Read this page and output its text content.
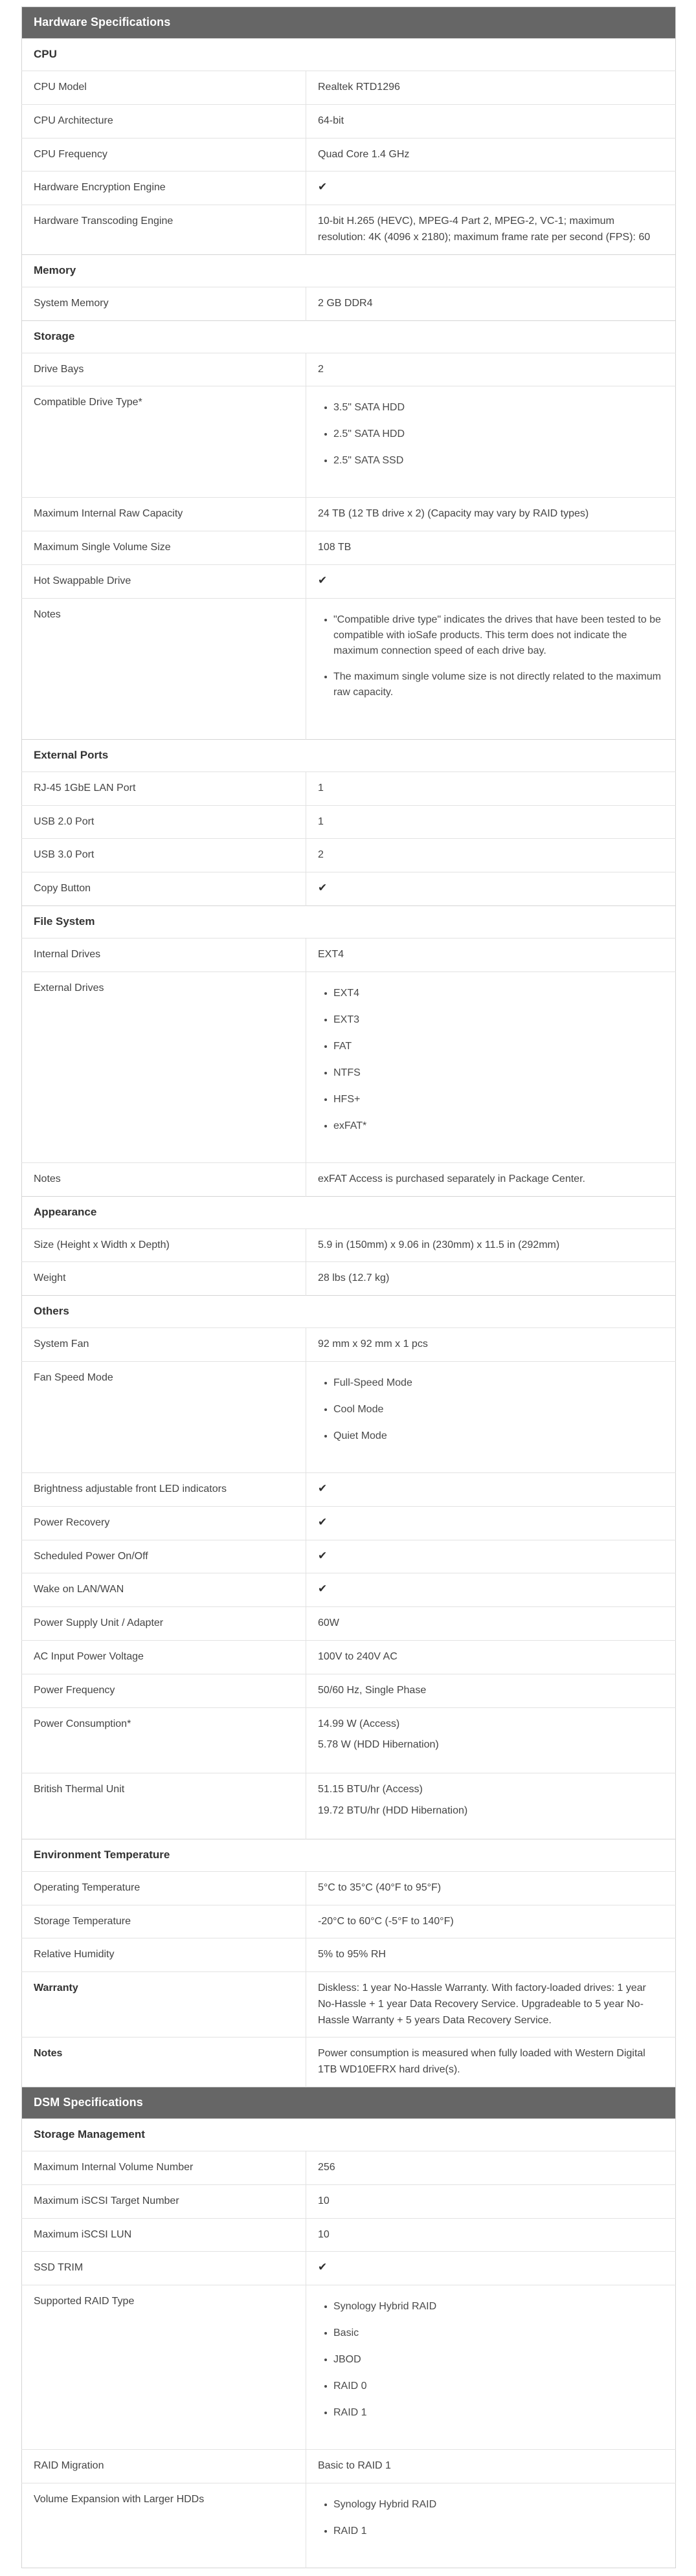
Hardware Specifications	
CPU	
CPU Model	Realtek RTD1296
CPU Architecture	64-bit
CPU Frequency	Quad Core 1.4 GHz
Hardware Encryption Engine	✔
Hardware Transcoding Engine	10-bit H.265 (HEVC), MPEG-4 Part 2, MPEG-2, VC-1; maximum resolution: 4K (4096 x 2180); maximum frame rate per second (FPS): 60
Memory	
System Memory	2 GB DDR4
Storage	
Drive Bays	2
Compatible Drive Type*	3.5" SATA HDD
2.5" SATA HDD
2.5" SATA SSD

Maximum Internal Raw Capacity	24 TB (12 TB drive x 2) (Capacity may vary by RAID types)
Maximum Single Volume Size	108 TB
Hot Swappable Drive	✔
Notes	"Compatible drive type" indicates the drives that have been tested to be compatible with ioSafe products. This term does not indicate the maximum connection speed of each drive bay.
The maximum single volume size is not directly related to the maximum raw capacity.

External Ports	
RJ-45 1GbE LAN Port	1
USB 2.0 Port	1
USB 3.0 Port	2
Copy Button	✔
File System	
Internal Drives	EXT4
External Drives	EXT4
EXT3
FAT
NTFS
HFS+
exFAT*

Notes	exFAT Access is purchased separately in Package Center.
Appearance	
Size (Height x Width x Depth)	5.9 in (150mm) x 9.06 in (230mm) x 11.5 in (292mm)
Weight	28 lbs (12.7 kg)
Others	
System Fan	92 mm x 92 mm x 1 pcs
Fan Speed Mode	Full-Speed Mode
Cool Mode
Quiet Mode

Brightness adjustable front LED indicators	✔
Power Recovery	✔
Scheduled Power On/Off	✔
Wake on LAN/WAN	✔
Power Supply Unit / Adapter	60W
AC Input Power Voltage	100V to 240V AC
Power Frequency	50/60 Hz, Single Phase
Power Consumption*	14.99 W (Access)
5.78 W (HDD Hibernation)

British Thermal Unit	51.15 BTU/hr (Access)
19.72 BTU/hr (HDD Hibernation)

Environment Temperature	
Operating Temperature	5°C to 35°C (40°F to 95°F)
Storage Temperature	-20°C to 60°C (-5°F to 140°F)
Relative Humidity	5% to 95% RH
Warranty	Diskless: 1 year No-Hassle Warranty. With factory-loaded drives: 1 year No-Hassle + 1 year Data Recovery Service. Upgradeable to 5 year No-Hassle Warranty + 5 years Data Recovery Service.
Notes	Power consumption is measured when fully loaded with Western Digital 1TB WD10EFRX hard drive(s).
DSM Specifications	
Storage Management	
Maximum Internal Volume Number	256
Maximum iSCSI Target Number	10
Maximum iSCSI LUN	10
SSD TRIM	✔
Supported RAID Type	Synology Hybrid RAID
Basic
JBOD
RAID 0
RAID 1

RAID Migration	Basic to RAID 1
Volume Expansion with Larger HDDs	Synology Hybrid RAID
RAID 1
